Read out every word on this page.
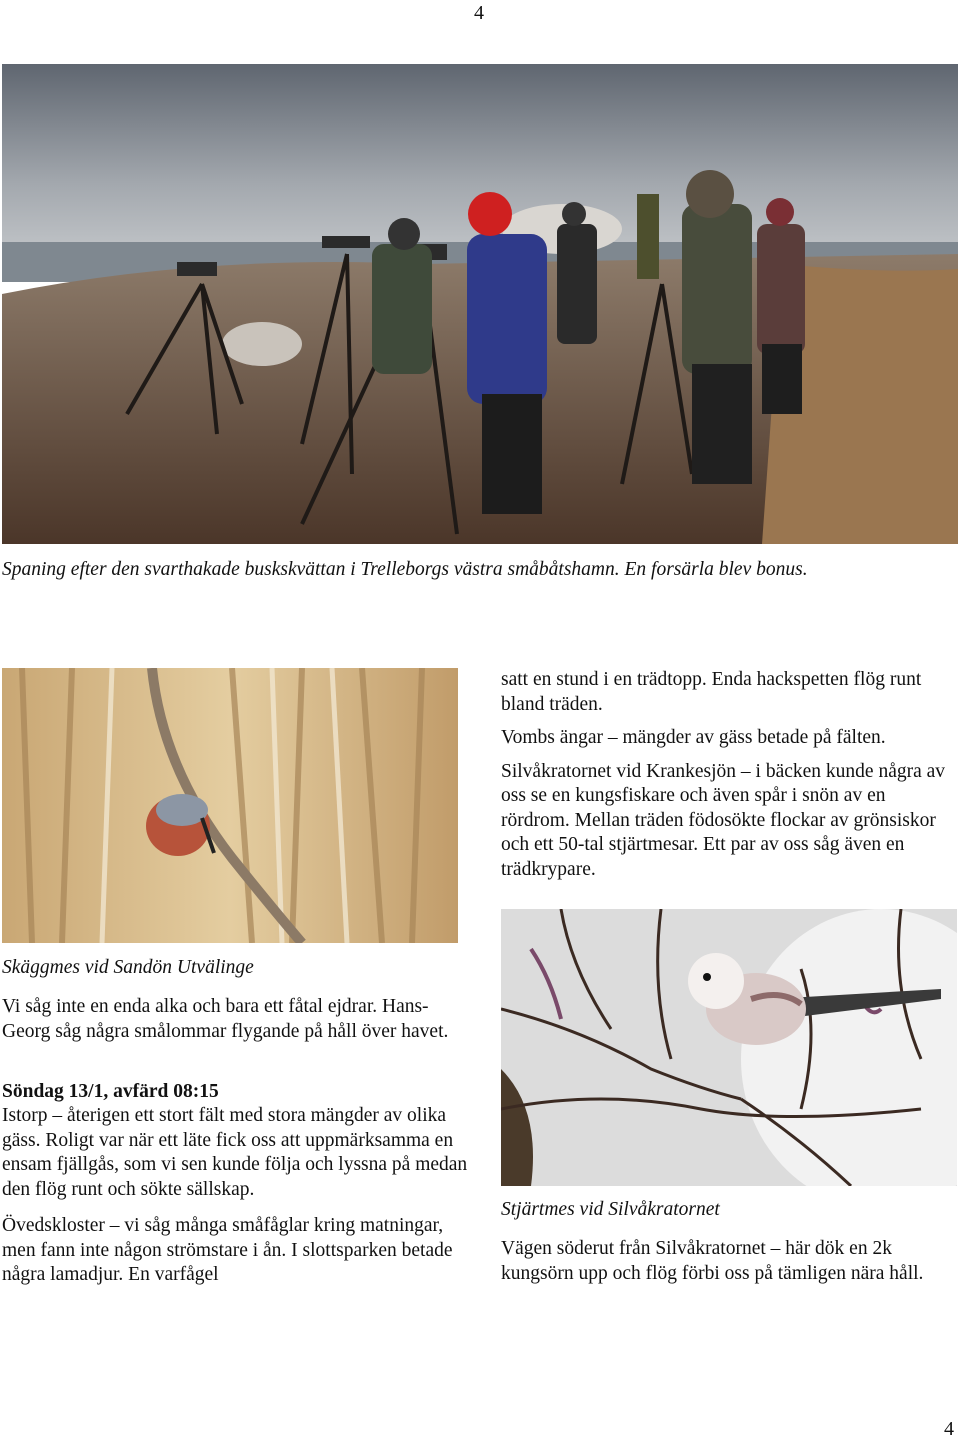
4
Spaning efter den svarthakade buskskvättan i Trelleborgs västra småbåtshamn. En forsärla blev bonus.
Skäggmes vid Sandön Utvälinge

Vi såg inte en enda alka och bara ett fåtal ejdrar. Hans-Georg såg några smålommar flygande på håll över havet.

Söndag 13/1, avfärd 08:15

Istorp – återigen ett stort fält med stora mängder av olika gäss. Roligt var när ett läte fick oss att uppmärksamma en ensam fjällgås, som vi sen kunde följa och lyssna på medan den flög runt och sökte sällskap.

Övedskloster – vi såg många småfåglar kring matningar, men fann inte någon strömstare i ån. I slottsparken betade några lamadjur. En varfågel

satt en stund i en trädtopp. Enda hackspetten flög runt bland träden.

Vombs ängar – mängder av gäss betade på fälten.

Silvåkratornet vid Krankesjön – i bäcken kunde några av oss se en kungsfiskare och även spår i snön av en rördrom. Mellan träden födosökte flockar av grönsiskor och ett 50-tal stjärtmesar. Ett par av oss såg även en trädkrypare.

Stjärtmes vid Silvåkratornet

Vägen söderut från Silvåkratornet – här dök en 2k kungsörn upp och flög förbi oss på tämligen nära håll.

4
